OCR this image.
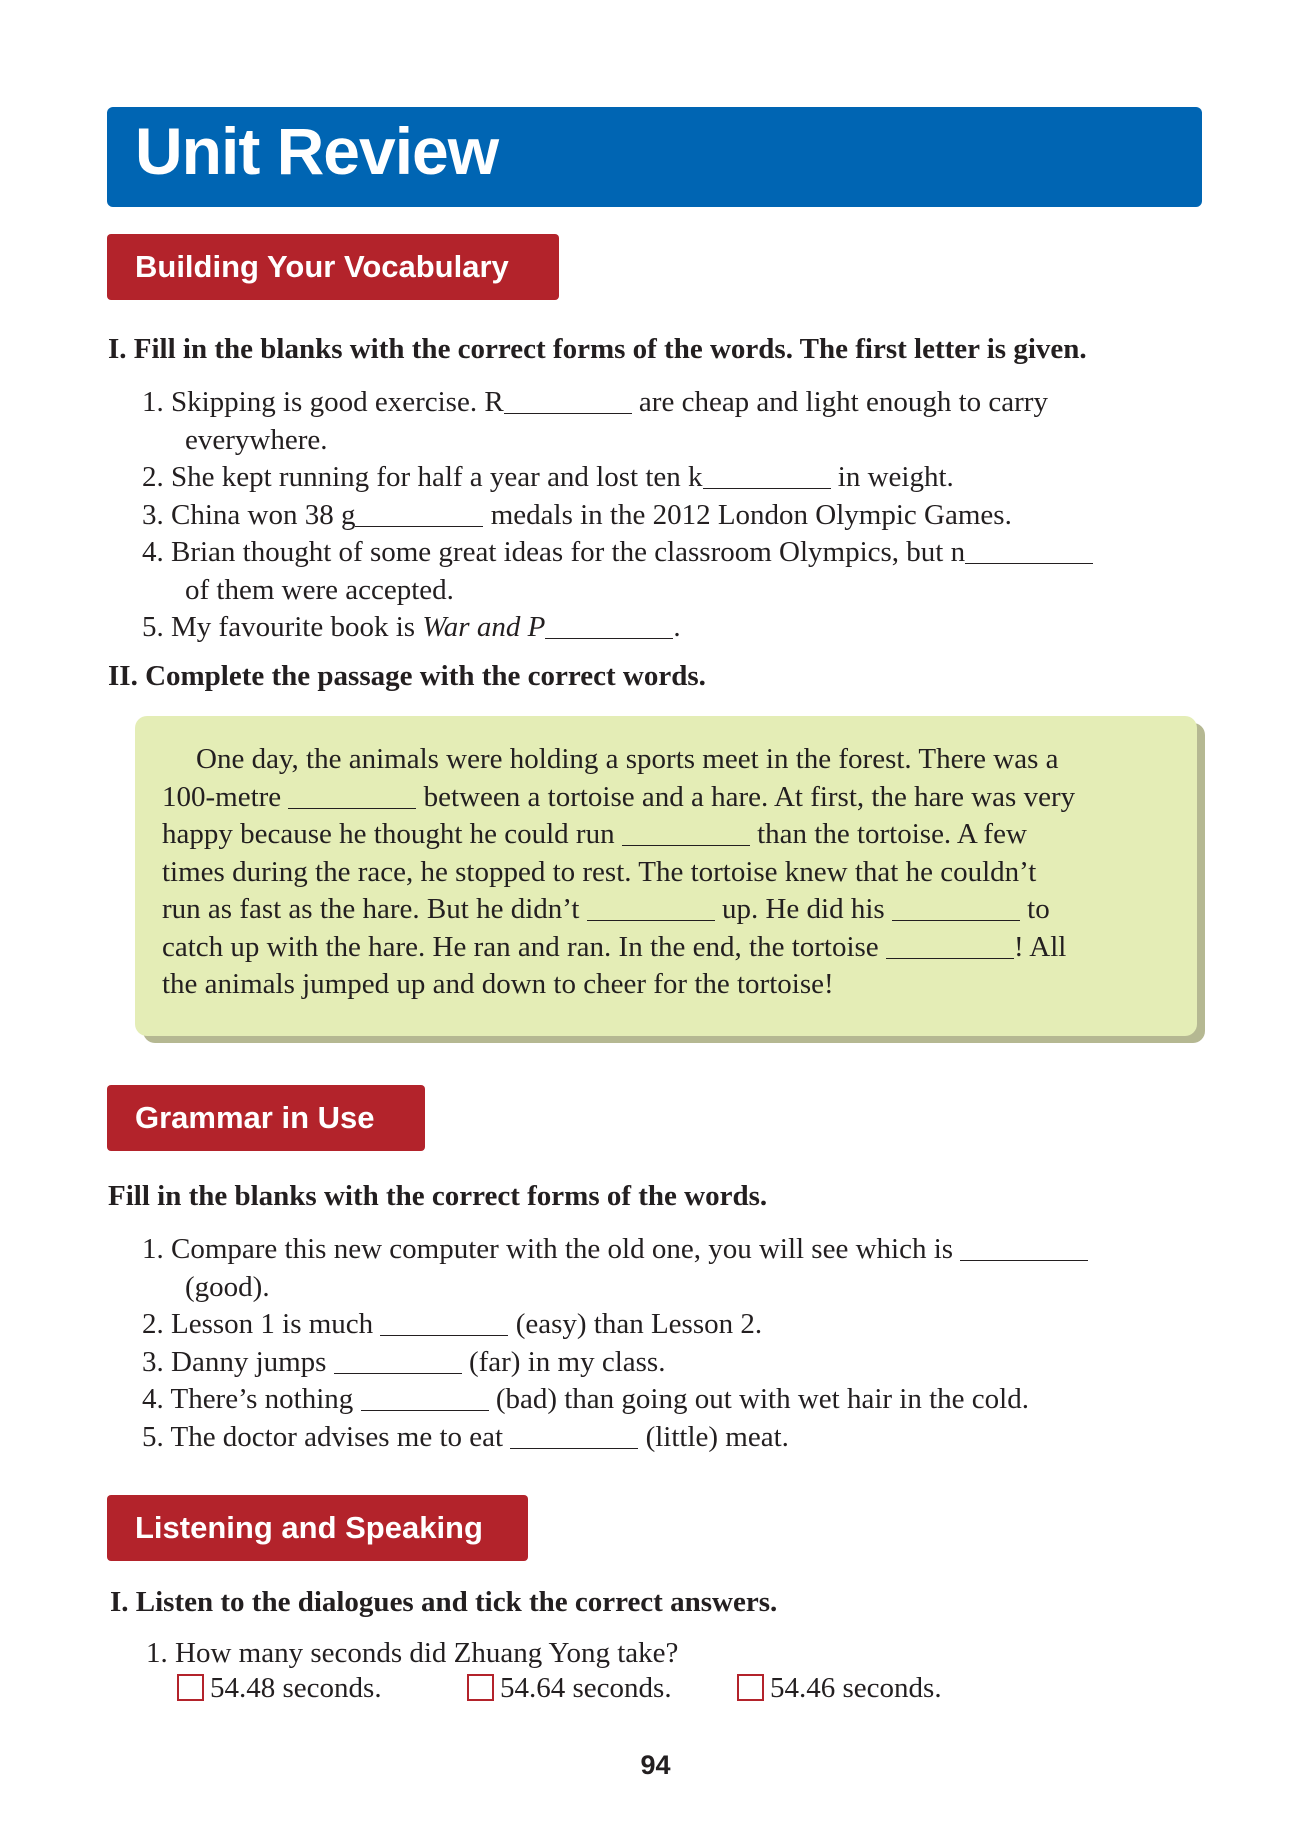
Unit Review
Building Your Vocabulary
I. Fill in the blanks with the correct forms of the words. The first letter is given.
1. Skipping is good exercise. R	are cheap and light enough to carry
everywhere.
2. She kept running for half a year and lost ten k	in weight.
3. China won 38 g	medals in the 2012 London Olympic Games.
4. Brian thought of some great ideas for the classroom Olympics, but n
of them were accepted.
5. My favourite book is War and P	.
II. Complete the passage with the correct words.
One day, the animals were holding a sports meet in the forest. There was a
100-metre	between a tortoise and a hare. At first, the hare was very
happy because he thought he could run	than the tortoise. A few
times during the race, he stopped to rest. The tortoise knew that he couldn’t
run as fast as the hare. But he didn’t	up. He did his	to
catch up with the hare. He ran and ran. In the end, the tortoise	! All
the animals jumped up and down to cheer for the tortoise!
Grammar in Use
Fill in the blanks with the correct forms of the words.
1. Compare this new computer with the old one, you will see which is
(good).
2. Lesson 1 is much	(easy) than Lesson 2.
3. Danny jumps	(far) in my class.
4. There’s nothing	(bad) than going out with wet hair in the cold.
5. The doctor advises me to eat	(little) meat.
Listening and Speaking
I. Listen to the dialogues and tick the correct answers.
1. How many seconds did Zhuang Yong take?
54.48 seconds.	54.64 seconds.	54.46 seconds.
94
